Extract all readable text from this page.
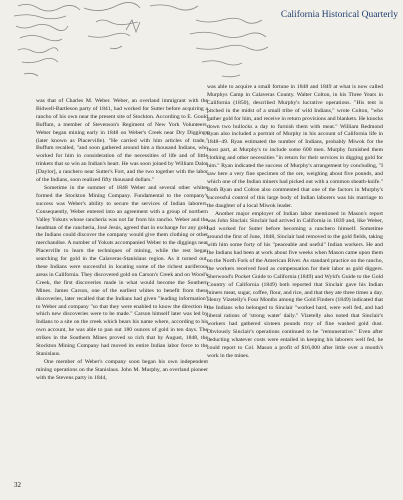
California Historical Quarterly

was that of Charles M. Weber. Weber, an overland immigrant with the Bidwell-Bartleson party of 1841, had worked for Sutter before acquiring a rancho of his own near the present site of Stockton. According to E. Gould Buffum, a member of Stevenson's Regiment of New York Volunteers, Weber began mining early in 1848 on Weber's Creek near Dry Diggings (later known as Placerville). "He carried with him articles of trade," Buffum recalled, "and soon gathered around him a thousand Indians, who worked for him in consideration of the necessities of life and of little trinkets that so win an Indian's heart. He was soon joined by William Dalor [Daylor], a ranchero near Sutter's Fort, and the two together with the labor of the Indians, soon realized fifty thousand dollars."

Sometime in the summer of 1848 Weber and several other whites formed the Stockton Mining Company. Fundamental to the company's success was Weber's ability to secure the services of Indian laborers. Consequently, Weber entered into an agreement with a group of northern Valley Yokuts whose rancheria was not far from his rancho. Weber and the headman of the rancheria, José Jesús, agreed that in exchange for any gold the Indians could discover the company would give them clothing or other merchandise. A number of Yokuts accompanied Weber to the diggings near Placerville to learn the techniques of mining, while the rest began searching for gold in the Calaveras-Stanislaus region. As it turned out, these Indians were successful in locating some of the richest auriferous areas in California. They discovered gold on Carson's Creek and on Wood's Creek, the first discoveries made in what would become the Southern Mines. James Carson, one of the earliest whites to benefit from these discoveries, later recalled that the Indians had given "leading information" to Weber and company "so that they were enabled to know the direction in which new discoveries were to be made." Carson himself later was led by Indians to a site on the creek which bears his name where, according to his own account, he was able to pan out 180 ounces of gold in ten days. The strikes in the Southern Mines proved so rich that by August, 1848, the Stockton Mining Company had moved its entire Indian labor force to the Stanislaus.

One member of Weber's company soon began his own independent mining operations on the Stanislaus. John M. Murphy, an overland pioneer with the Stevens party in 1844,

was able to acquire a small fortune in 1848 and 1849 at what is now called Murphys Camp in Calaveras County. Walter Colton, in his Three Years in California (1850), described Murphy's lucrative operations. "His tent is pitched in the midst of a small tribe of wild Indians," wrote Colton, "who gather gold for him, and receive in return provisions and blankets. He knocks down two bullocks a day to furnish them with meat." William Redmond Ryan also included a portrait of Murphy in his account of California life in 1848–49. Ryan estimated the number of Indians, probably Miwok for the most part, at Murphy's to include some 600 men. Murphy furnished them clothing and other necessities "in return for their services in digging gold for him." Ryan indicated the success of Murphy's arrangement by concluding, "I saw here a very fine specimen of the ore, weighing about five pounds, and which one of the Indian miners had picked out with a common sheath-knife." Both Ryan and Colton also commented that one of the factors in Murphy's successful control of this large body of Indian laborers was his marriage to the daughter of a local Miwok leader.

Another major employer of Indian labor mentioned in Mason's report was John Sinclair. Sinclair had arrived in California in 1839 and, like Weber, had worked for Sutter before becoming a ranchero himself. Sometime around the first of June, 1848, Sinclair had removed to the gold fields, taking with him some forty of his "peaceable and useful" Indian workers. He and the Indians had been at work about five weeks when Mason came upon them on the North Fork of the American River. As standard practice on the rancho, the workers received food as compensation for their labor as gold diggers. Sherwood's Pocket Guide to California (1849) and Wyld's Guide to the Gold Country of California (1849) both reported that Sinclair gave his Indian miners meat, sugar, coffee, flour, and rice, and that they ate three times a day. Henry Vizetelly's Four Months among the Gold Finders (1849) indicated that the Indians who belonged to Sinclair "worked hard, were well fed, and had liberal rations of 'strong water' daily." Vizetelly also noted that Sinclair's workers had gathered sixteen pounds troy of fine washed gold dust. Obviously Sinclair's operations continued to be "remunerative." Even after deducting whatever costs were entailed in keeping his laborers well fed, he could report to Col. Mason a profit of $16,000 after little over a month's work in the mines.

32
